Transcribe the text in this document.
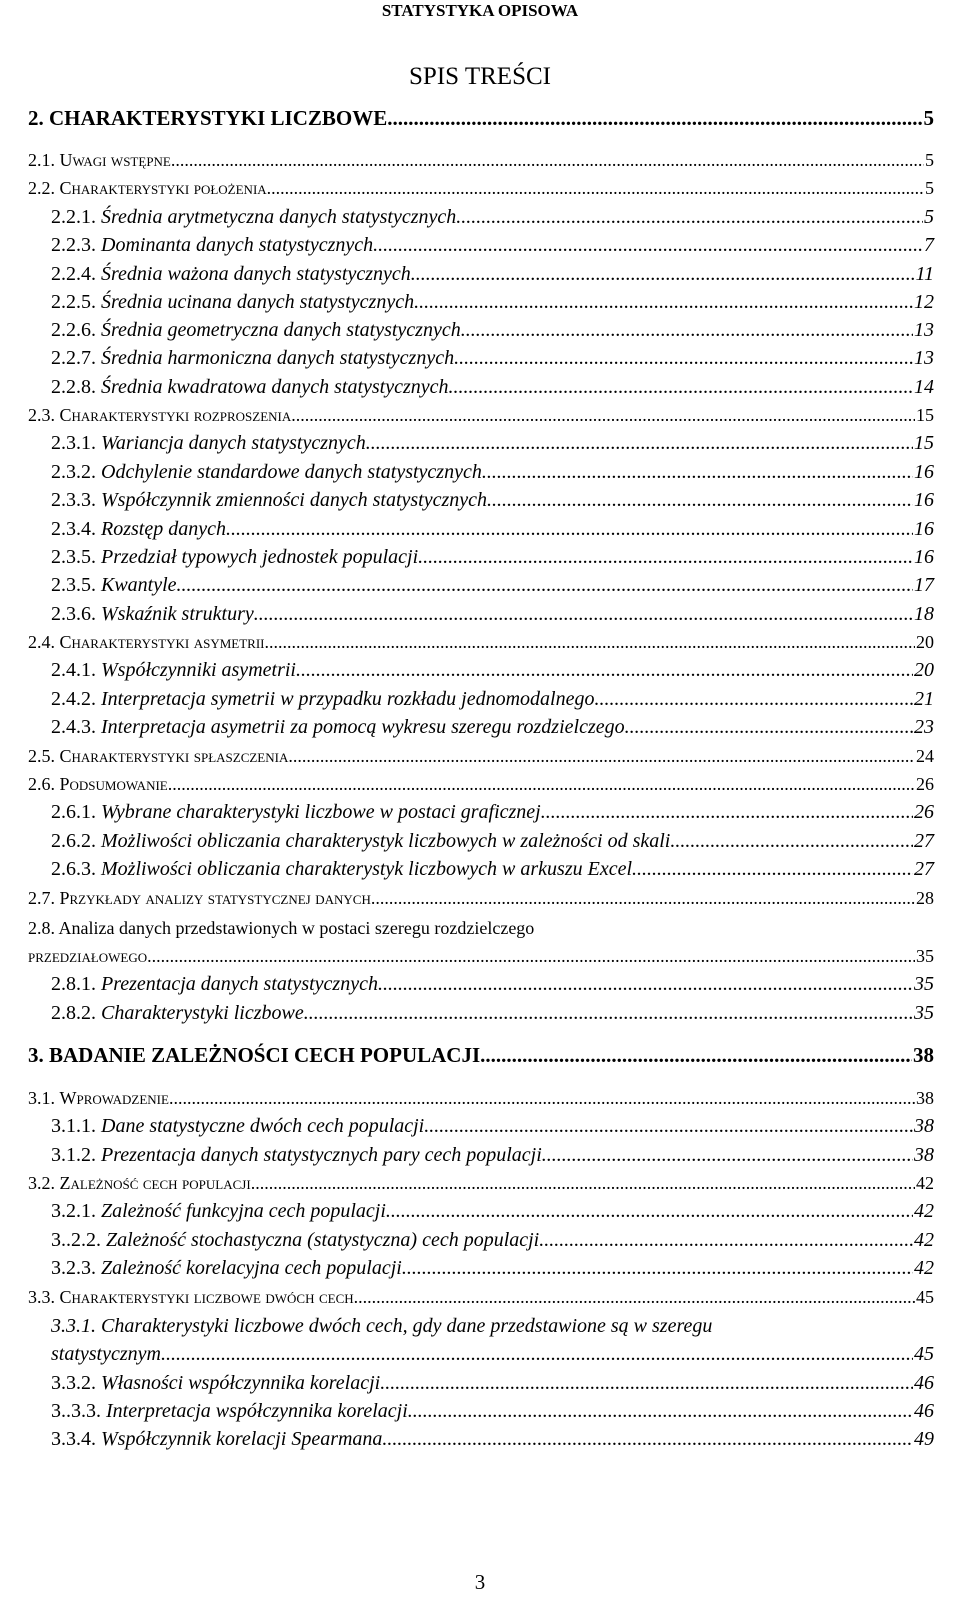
STATYSTYKA OPISOWA
SPIS TREŚCI
2. CHARAKTERYSTYKI LICZBOWE .....	5
2.1. Uwagi wstępne .....	5
2.2. Charakterystyki położenia .....	5
2.2.1. Średnia arytmetyczna danych statystycznych .....	5
2.2.3. Dominanta danych statystycznych .....	7
2.2.4. Średnia ważona danych statystycznych .....	11
2.2.5. Średnia ucinana danych statystycznych .....	12
2.2.6. Średnia geometryczna danych statystycznych .....	13
2.2.7. Średnia harmoniczna danych statystycznych .....	13
2.2.8. Średnia kwadratowa danych statystycznych. .....	14
2.3. Charakterystyki rozproszenia .....	15
2.3.1. Wariancja danych statystycznych .....	15
2.3.2. Odchylenie standardowe danych statystycznych .....	16
2.3.3. Współczynnik zmienności danych statystycznych .....	16
2.3.4. Rozstęp danych .....	16
2.3.5. Przedział typowych jednostek populacji. .....	16
2.3.5. Kwantyle .....	17
2.3.6. Wskaźnik struktury .....	18
2.4. Charakterystyki asymetrii .....	20
2.4.1. Współczynniki asymetrii .....	20
2.4.2. Interpretacja symetrii w przypadku rozkładu jednomodalnego .....	21
2.4.3. Interpretacja asymetrii za pomocą wykresu szeregu rozdzielczego .....	23
2.5. Charakterystyki spłaszczenia .....	24
2.6. Podsumowanie .....	26
2.6.1. Wybrane charakterystyki liczbowe w postaci graficznej. .....	26
2.6.2. Możliwości obliczania charakterystyk liczbowych w zależności od skali .....	27
2.6.3. Możliwości obliczania charakterystyk liczbowych w arkuszu Excel .....	27
2.7. Przykłady analizy statystycznej danych .....	28
2.8. Analiza danych przedstawionych w postaci szeregu rozdzielczego
przedziałowego .....	35
2.8.1. Prezentacja danych statystycznych .....	35
2.8.2. Charakterystyki liczbowe .....	35
3. BADANIE ZALEŻNOŚCI CECH POPULACJI .....	38
3.1. Wprowadzenie .....	38
3.1.1. Dane statystyczne dwóch cech populacji .....	38
3.1.2. Prezentacja danych statystycznych pary cech populacji. .....	38
3.2. Zależność cech populacji .....	42
3.2.1. Zależność funkcyjna cech populacji. .....	42
3..2.2. Zależność stochastyczna (statystyczna) cech populacji .....	42
3.2.3. Zależność korelacyjna cech populacji .....	42
3.3. Charakterystyki liczbowe dwóch cech .....	45
3.3.1. Charakterystyki liczbowe dwóch cech, gdy dane przedstawione są w szeregu
statystycznym .....	45
3.3.2. Własności współczynnika korelacji. .....	46
3..3.3. Interpretacja współczynnika korelacji .....	46
3.3.4. Współczynnik korelacji Spearmana .....	49
3
